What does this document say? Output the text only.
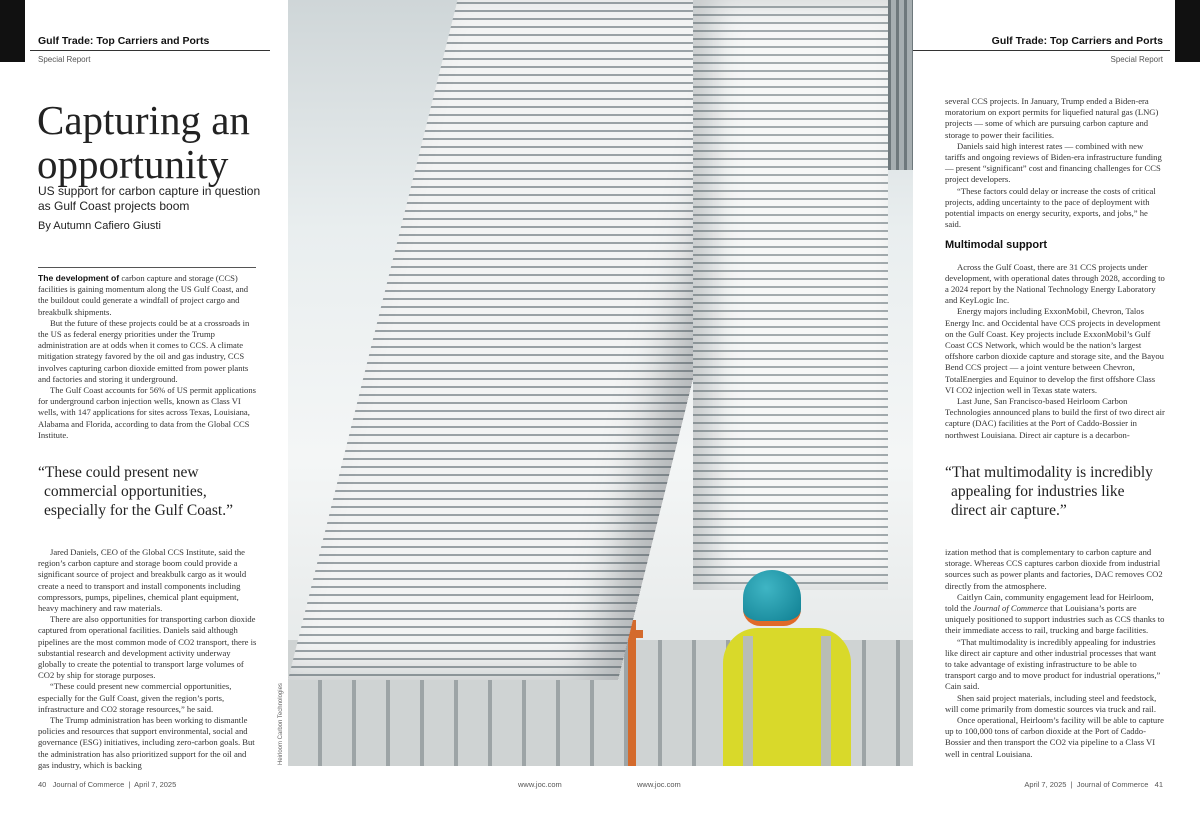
Gulf Trade: Top Carriers and Ports
Special Report
Gulf Trade: Top Carriers and Ports
Special Report
Capturing an
opportunity
US support for carbon capture in question as Gulf Coast projects boom
By Autumn Cafiero Giusti

The development of carbon capture and storage (CCS) facilities is gaining momentum along the US Gulf Coast, and the buildout could generate a windfall of project cargo and breakbulk shipments.

But the future of these projects could be at a crossroads in the US as federal energy priorities under the Trump administration are at odds when it comes to CCS. A climate mitigation strategy favored by the oil and gas industry, CCS involves capturing carbon dioxide emitted from power plants and factories and storing it underground.

The Gulf Coast accounts for 56% of US permit applications for underground carbon injection wells, known as Class VI wells, with 147 applications for sites across Texas, Louisiana, Alabama and Florida, according to data from the Global CCS Institute.

“These could present new
commercial opportunities,
especially for the Gulf Coast.”

Jared Daniels, CEO of the Global CCS Institute, said the region’s carbon capture and storage boom could provide a significant source of project and breakbulk cargo as it would create a need to transport and install components including compressors, pumps, pipelines, chemical plant equipment, heavy machinery and raw materials.

There are also opportunities for transporting carbon dioxide captured from operational facilities. Daniels said although pipelines are the most common mode of CO2 transport, there is substantial research and development activity underway globally to create the potential to transport large volumes of CO2 by ship for storage purposes.

“These could present new commercial opportunities, especially for the Gulf Coast, given the region’s ports, infrastructure and CO2 storage resources,” he said.

The Trump administration has been working to dismantle policies and resources that support environmental, social and governance (ESG) initiatives, including zero-carbon goals. But the administration has also prioritized support for the oil and gas industry, which is backing	Heirloom Carbon Technologies

several CCS projects. In January, Trump ended a Biden-era moratorium on export permits for liquefied natural gas (LNG) projects — some of which are pursuing carbon capture and storage to power their facilities.

Daniels said high interest rates — combined with new tariffs and ongoing reviews of Biden-era infrastructure funding — present “significant” cost and financing challenges for CCS project developers.

“These factors could delay or increase the costs of critical projects, adding uncertainty to the pace of deployment with potential impacts on energy security, exports, and jobs,” he said.

Multimodal support

Across the Gulf Coast, there are 31 CCS projects under development, with operational dates through 2028, according to a 2024 report by the National Technology Energy Laboratory and KeyLogic Inc.

Energy majors including ExxonMobil, Chevron, Talos Energy Inc. and Occidental have CCS projects in development on the Gulf Coast. Key projects include ExxonMobil’s Gulf Coast CCS Network, which would be the nation’s largest offshore carbon dioxide capture and storage site, and the Bayou Bend CCS project — a joint venture between Chevron, TotalEnergies and Equinor to develop the first offshore Class VI CO2 injection well in Texas state waters.

Last June, San Francisco-based Heirloom Carbon Technologies announced plans to build the first of two direct air capture (DAC) facilities at the Port of Caddo-Bossier in northwest Louisiana. Direct air capture is a decarbon-

“That multimodality is incredibly
appealing for industries like
direct air capture.”

ization method that is complementary to carbon capture and storage. Whereas CCS captures carbon dioxide from industrial sources such as power plants and factories, DAC removes CO2 directly from the atmosphere.

Caitlyn Cain, community engagement lead for Heirloom, told the Journal of Commerce that Louisiana’s ports are uniquely positioned to support industries such as CCS thanks to their immediate access to rail, trucking and barge facilities.

“That multimodality is incredibly appealing for industries like direct air capture and other industrial processes that want to take advantage of existing infrastructure to be able to transport cargo and to move product for industrial operations,” Cain said.

Shen said project materials, including steel and feedstock, will come primarily from domestic sources via truck and rail.

Once operational, Heirloom’s facility will be able to capture up to 100,000 tons of carbon dioxide at the Port of Caddo-Bossier and then transport the CO2 via pipeline to a Class VI well in central Louisiana.

40   Journal of Commerce  |  April 7, 2025	www.joc.com	www.joc.com	April 7, 2025  |  Journal of Commerce   41
